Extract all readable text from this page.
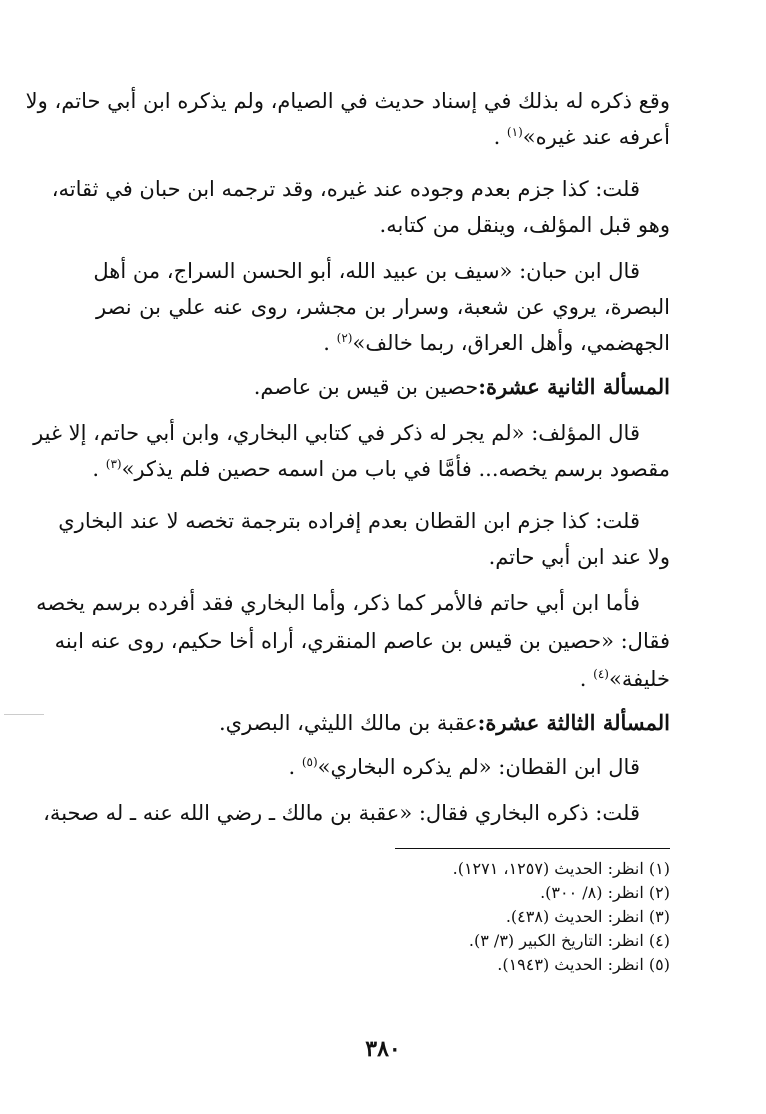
وقع ذكره له بذلك في إسناد حديث في الصيام، ولم يذكره ابن أبي حاتم، ولا
أعرفه عند غيره»$^{(١)}$ .
قلت: كذا جزم بعدم وجوده عند غيره، وقد ترجمه ابن حبان في ثقاته،
وهو قبل المؤلف، وينقل من كتابه.
قال ابن حبان: «سيف بن عبيد الله، أبو الحسن السراج، من أهل
البصرة، يروي عن شعبة، وسرار بن مجشر، روى عنه علي بن نصر
الجهضمي، وأهل العراق، ربما خالف»$^{(٢)}$ .
المسألة الثانية عشرة:حصين بن قيس بن عاصم.
قال المؤلف: «لم يجر له ذكر في كتابي البخاري، وابن أبي حاتم، إلا غير
مقصود برسم يخصه... فأمَّا في باب من اسمه حصين فلم يذكر»$^{(٣)}$ .
قلت: كذا جزم ابن القطان بعدم إفراده بترجمة تخصه لا عند البخاري
ولا عند ابن أبي حاتم.
فأما ابن أبي حاتم فالأمر كما ذكر، وأما البخاري فقد أفرده برسم يخصه
فقال: «حصين بن قيس بن عاصم المنقري، أراه أخا حكيم، روى عنه ابنه
خليفة»$^{(٤)}$ .
المسألة الثالثة عشرة:عقبة بن مالك الليثي، البصري.
قال ابن القطان: «لم يذكره البخاري»$^{(٥)}$ .
قلت: ذكره البخاري فقال: «عقبة بن مالك ـ رضي الله عنه ـ له صحبة،
(١) انظر: الحديث (١٢٥٧، ١٢٧١).
(٢) انظر: (٨/ ٣٠٠).
(٣) انظر: الحديث (٤٣٨).
(٤) انظر: التاريخ الكبير (٣/ ٣).
(٥) انظر: الحديث (١٩٤٣).
٣٨٠
